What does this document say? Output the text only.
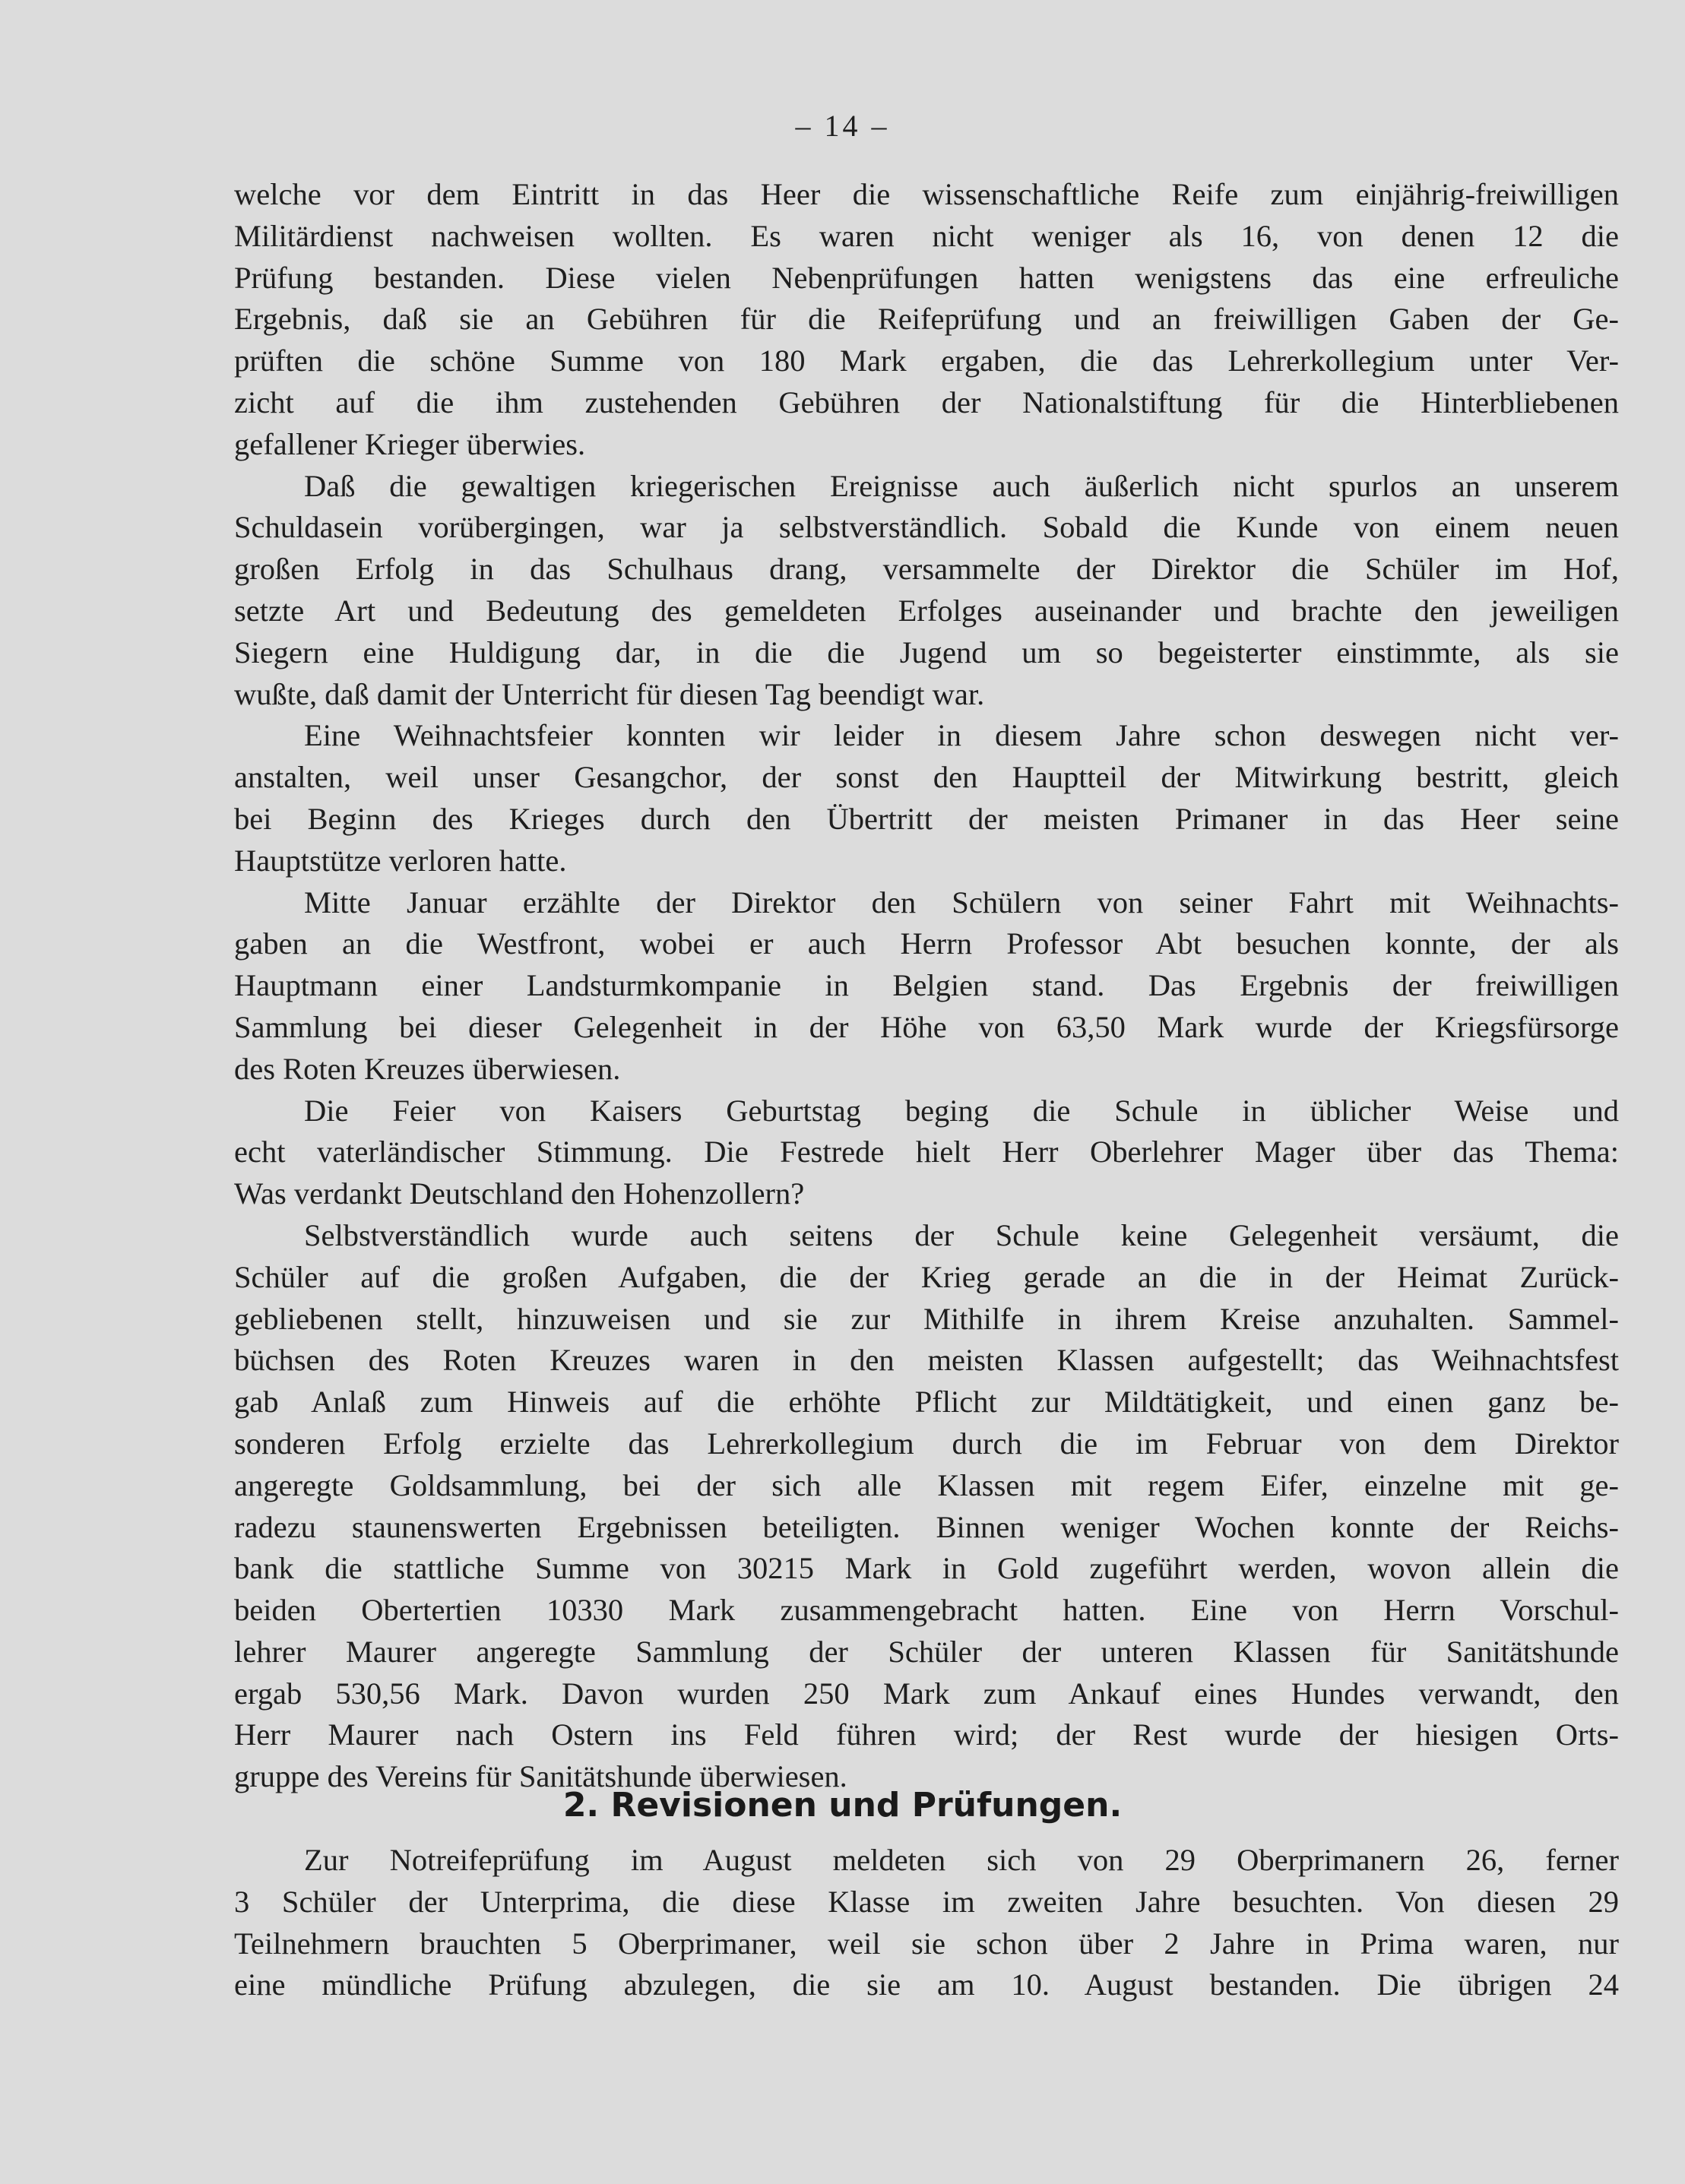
– 14 –
welche vor dem Eintritt in das Heer die wissenschaftliche Reife zum einjährig-freiwilligen
Militärdienst nachweisen wollten. Es waren nicht weniger als 16, von denen 12 die
Prüfung bestanden. Diese vielen Nebenprüfungen hatten wenigstens das eine erfreuliche
Ergebnis, daß sie an Gebühren für die Reifeprüfung und an freiwilligen Gaben der Ge-
prüften die schöne Summe von 180 Mark ergaben, die das Lehrerkollegium unter Ver-
zicht auf die ihm zustehenden Gebühren der Nationalstiftung für die Hinterbliebenen
gefallener Krieger überwies.
Daß die gewaltigen kriegerischen Ereignisse auch äußerlich nicht spurlos an unserem
Schuldasein vorübergingen, war ja selbstverständlich. Sobald die Kunde von einem neuen
großen Erfolg in das Schulhaus drang, versammelte der Direktor die Schüler im Hof,
setzte Art und Bedeutung des gemeldeten Erfolges auseinander und brachte den jeweiligen
Siegern eine Huldigung dar, in die die Jugend um so begeisterter einstimmte, als sie
wußte, daß damit der Unterricht für diesen Tag beendigt war.
Eine Weihnachtsfeier konnten wir leider in diesem Jahre schon deswegen nicht ver-
anstalten, weil unser Gesangchor, der sonst den Hauptteil der Mitwirkung bestritt, gleich
bei Beginn des Krieges durch den Übertritt der meisten Primaner in das Heer seine
Hauptstütze verloren hatte.
Mitte Januar erzählte der Direktor den Schülern von seiner Fahrt mit Weihnachts-
gaben an die Westfront, wobei er auch Herrn Professor Abt besuchen konnte, der als
Hauptmann einer Landsturmkompanie in Belgien stand. Das Ergebnis der freiwilligen
Sammlung bei dieser Gelegenheit in der Höhe von 63,50 Mark wurde der Kriegsfürsorge
des Roten Kreuzes überwiesen.
Die Feier von Kaisers Geburtstag beging die Schule in üblicher Weise und
echt vaterländischer Stimmung. Die Festrede hielt Herr Oberlehrer Mager über das Thema:
Was verdankt Deutschland den Hohenzollern?
Selbstverständlich wurde auch seitens der Schule keine Gelegenheit versäumt, die
Schüler auf die großen Aufgaben, die der Krieg gerade an die in der Heimat Zurück-
gebliebenen stellt, hinzuweisen und sie zur Mithilfe in ihrem Kreise anzuhalten. Sammel-
büchsen des Roten Kreuzes waren in den meisten Klassen aufgestellt; das Weihnachtsfest
gab Anlaß zum Hinweis auf die erhöhte Pflicht zur Mildtätigkeit, und einen ganz be-
sonderen Erfolg erzielte das Lehrerkollegium durch die im Februar von dem Direktor
angeregte Goldsammlung, bei der sich alle Klassen mit regem Eifer, einzelne mit ge-
radezu staunenswerten Ergebnissen beteiligten. Binnen weniger Wochen konnte der Reichs-
bank die stattliche Summe von 30215 Mark in Gold zugeführt werden, wovon allein die
beiden Obertertien 10330 Mark zusammengebracht hatten. Eine von Herrn Vorschul-
lehrer Maurer angeregte Sammlung der Schüler der unteren Klassen für Sanitätshunde
ergab 530,56 Mark. Davon wurden 250 Mark zum Ankauf eines Hundes verwandt, den
Herr Maurer nach Ostern ins Feld führen wird; der Rest wurde der hiesigen Orts-
gruppe des Vereins für Sanitätshunde überwiesen.
2. Revisionen und Prüfungen.
Zur Notreifeprüfung im August meldeten sich von 29 Oberprimanern 26, ferner
3 Schüler der Unterprima, die diese Klasse im zweiten Jahre besuchten. Von diesen 29
Teilnehmern brauchten 5 Oberprimaner, weil sie schon über 2 Jahre in Prima waren, nur
eine mündliche Prüfung abzulegen, die sie am 10. August bestanden. Die übrigen 24
